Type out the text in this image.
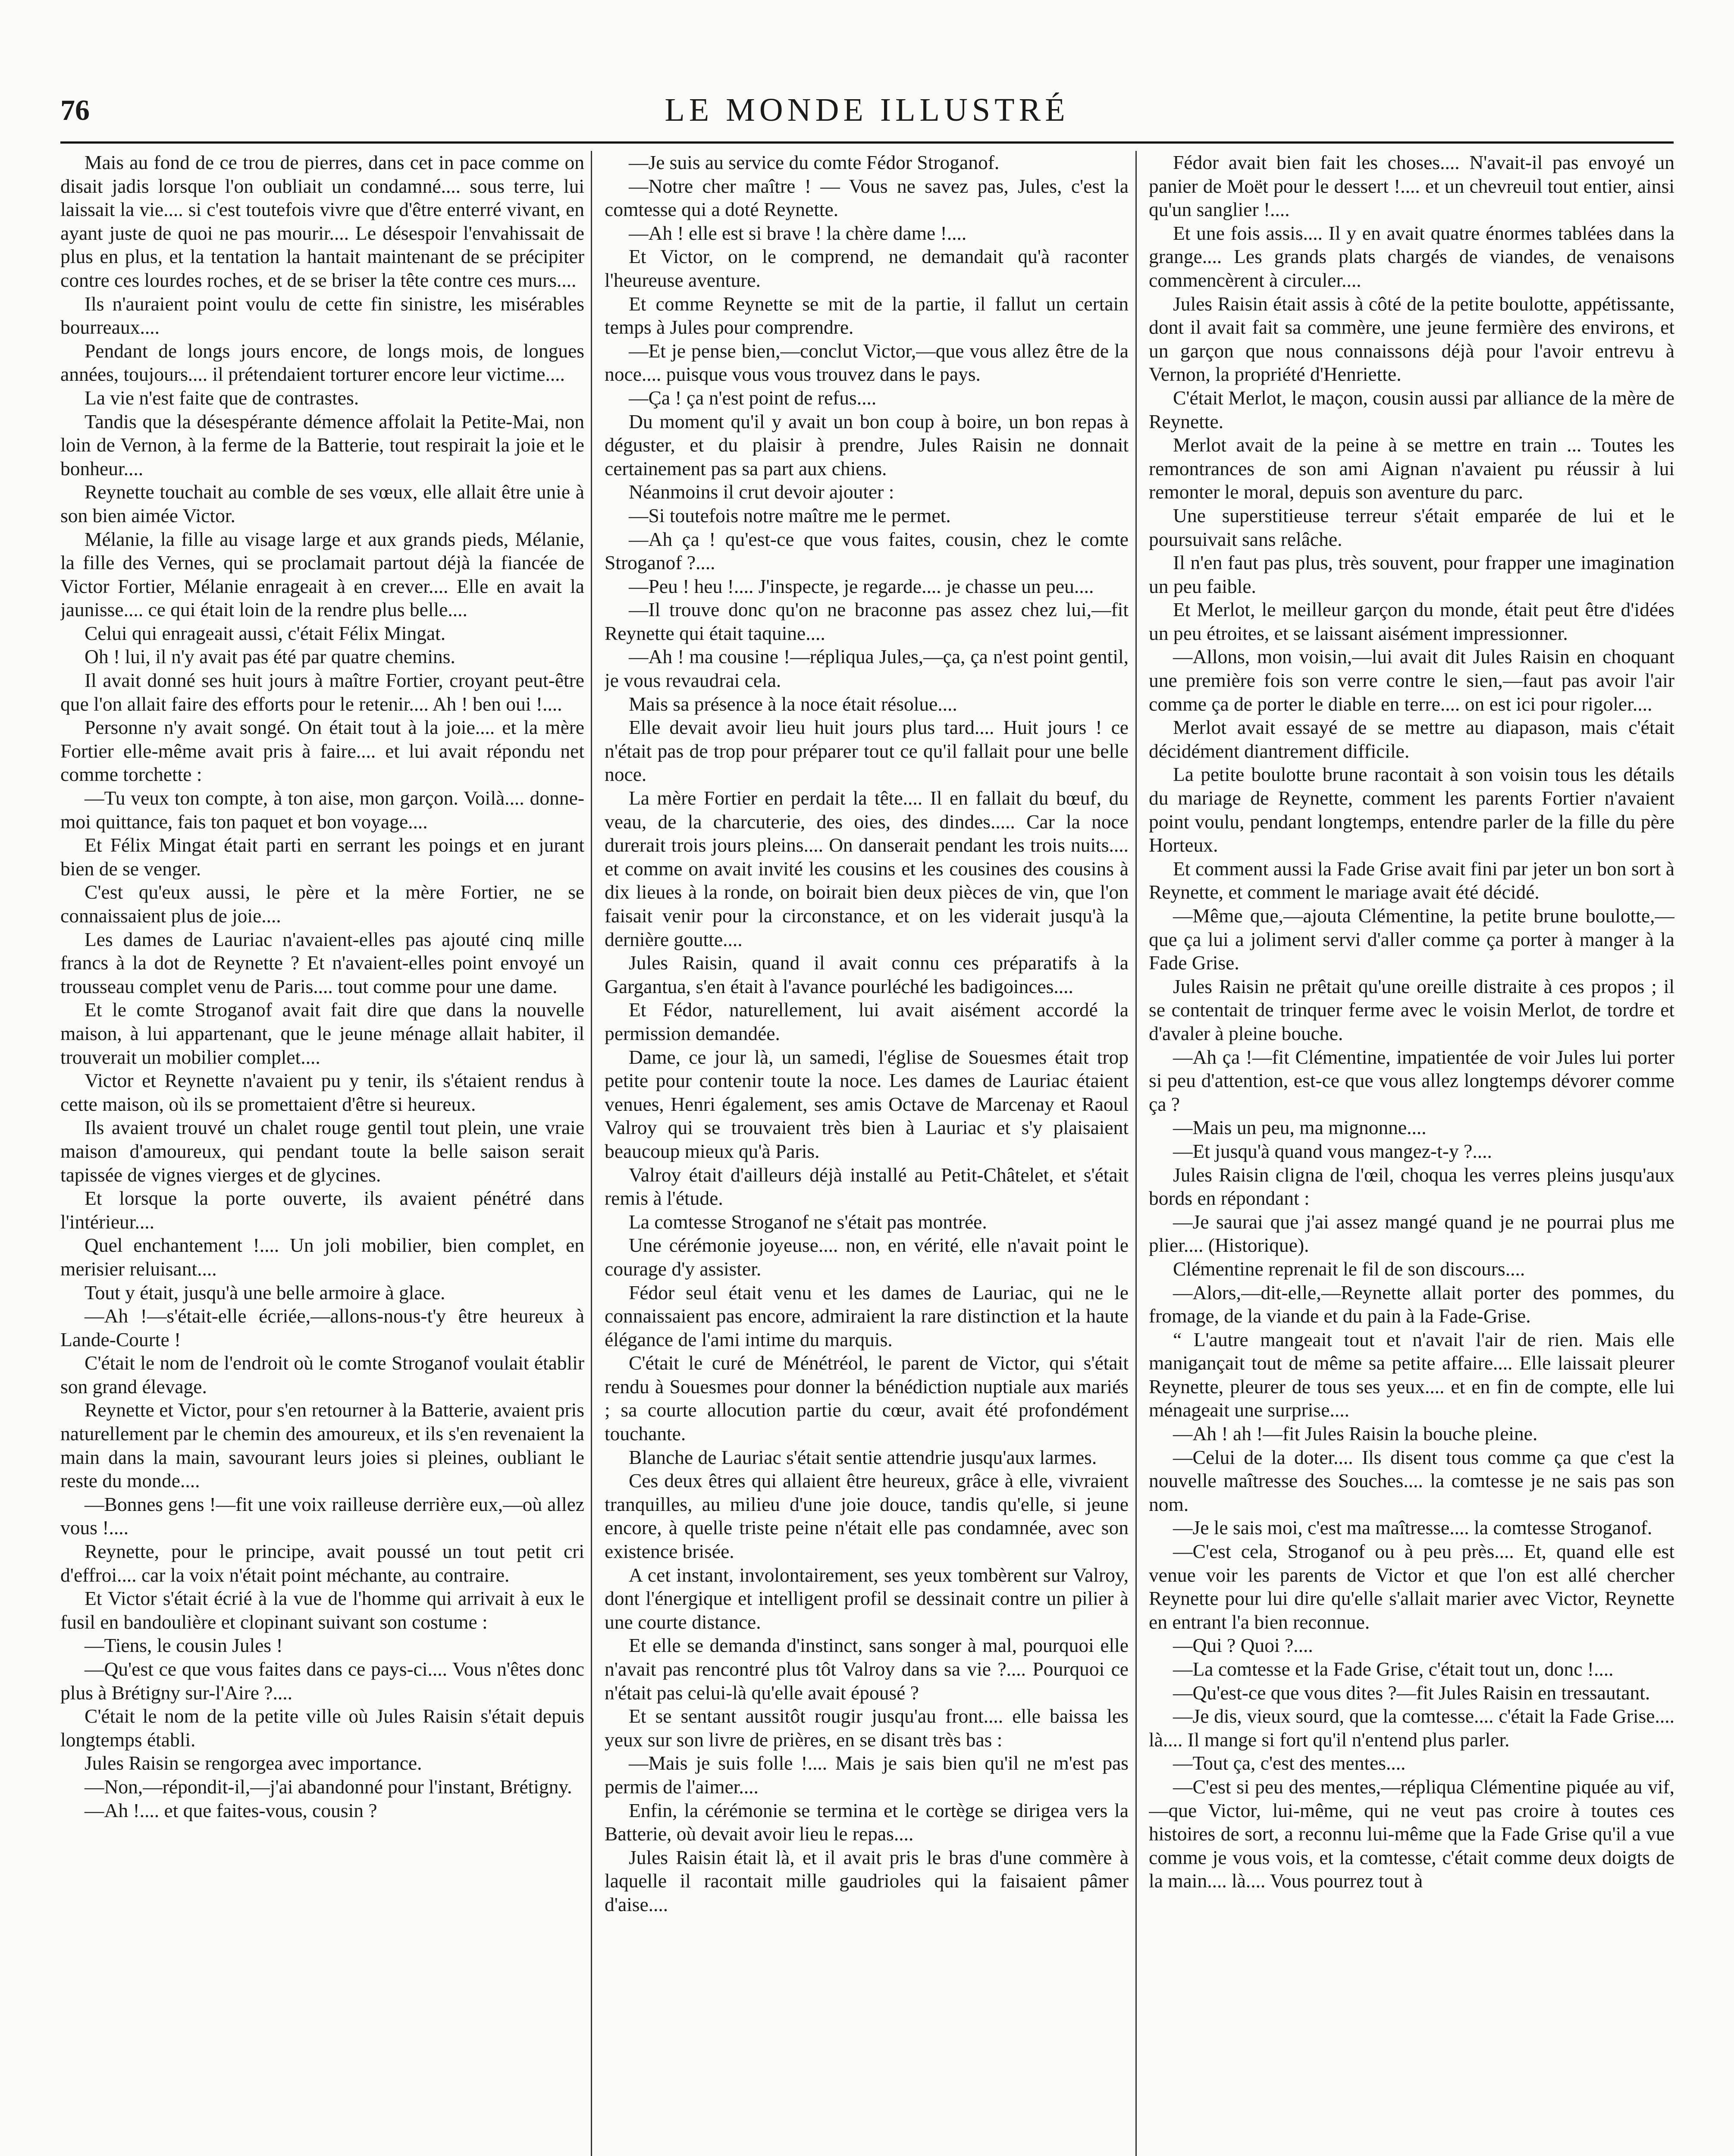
76	LE MONDE ILLUSTRÉ

Mais au fond de ce trou de pierres, dans cet in pace comme on disait jadis lorsque l'on oubliait un condamné.... sous terre, lui laissait la vie.... si c'est toutefois vivre que d'être enterré vivant, en ayant juste de quoi ne pas mourir.... Le désespoir l'envahissait de plus en plus, et la tentation la hantait maintenant de se précipiter contre ces lourdes roches, et de se briser la tête contre ces murs....

Ils n'auraient point voulu de cette fin sinistre, les misérables bourreaux....

Pendant de longs jours encore, de longs mois, de longues années, toujours.... il prétendaient torturer encore leur victime....

La vie n'est faite que de contrastes.

Tandis que la désespérante démence affolait la Petite-Mai, non loin de Vernon, à la ferme de la Batterie, tout respirait la joie et le bonheur....

Reynette touchait au comble de ses vœux, elle allait être unie à son bien aimée Victor.

Mélanie, la fille au visage large et aux grands pieds, Mélanie, la fille des Vernes, qui se proclamait partout déjà la fiancée de Victor Fortier, Mélanie enrageait à en crever.... Elle en avait la jaunisse.... ce qui était loin de la rendre plus belle....

Celui qui enrageait aussi, c'était Félix Mingat.

Oh ! lui, il n'y avait pas été par quatre chemins.

Il avait donné ses huit jours à maître Fortier, croyant peut-être que l'on allait faire des efforts pour le retenir.... Ah ! ben oui !....

Personne n'y avait songé. On était tout à la joie.... et la mère Fortier elle-même avait pris à faire.... et lui avait répondu net comme torchette :

—Tu veux ton compte, à ton aise, mon garçon. Voilà.... donne-moi quittance, fais ton paquet et bon voyage....

Et Félix Mingat était parti en serrant les poings et en jurant bien de se venger.

C'est qu'eux aussi, le père et la mère Fortier, ne se connaissaient plus de joie....

Les dames de Lauriac n'avaient-elles pas ajouté cinq mille francs à la dot de Reynette ? Et n'avaient-elles point envoyé un trousseau complet venu de Paris.... tout comme pour une dame.

Et le comte Stroganof avait fait dire que dans la nouvelle maison, à lui appartenant, que le jeune ménage allait habiter, il trouverait un mobilier complet....

Victor et Reynette n'avaient pu y tenir, ils s'étaient rendus à cette maison, où ils se promettaient d'être si heureux.

Ils avaient trouvé un chalet rouge gentil tout plein, une vraie maison d'amoureux, qui pendant toute la belle saison serait tapissée de vignes vierges et de glycines.

Et lorsque la porte ouverte, ils avaient pénétré dans l'intérieur....

Quel enchantement !.... Un joli mobilier, bien complet, en merisier reluisant....

Tout y était, jusqu'à une belle armoire à glace.

—Ah !—s'était-elle écriée,—allons-nous-t'y être heureux à Lande-Courte !

C'était le nom de l'endroit où le comte Stroganof voulait établir son grand élevage.

Reynette et Victor, pour s'en retourner à la Batterie, avaient pris naturellement par le chemin des amoureux, et ils s'en revenaient la main dans la main, savourant leurs joies si pleines, oubliant le reste du monde....

—Bonnes gens !—fit une voix railleuse derrière eux,—où allez vous !....

Reynette, pour le principe, avait poussé un tout petit cri d'effroi.... car la voix n'était point méchante, au contraire.

Et Victor s'était écrié à la vue de l'homme qui arrivait à eux le fusil en bandoulière et clopinant suivant son costume :

—Tiens, le cousin Jules !

—Qu'est ce que vous faites dans ce pays-ci.... Vous n'êtes donc plus à Brétigny sur-l'Aire ?....

C'était le nom de la petite ville où Jules Raisin s'était depuis longtemps établi.

Jules Raisin se rengorgea avec importance.

—Non,—répondit-il,—j'ai abandonné pour l'instant, Brétigny.

—Ah !.... et que faites-vous, cousin ?

—Je suis au service du comte Fédor Stroganof.

—Notre cher maître ! — Vous ne savez pas, Jules, c'est la comtesse qui a doté Reynette.

—Ah ! elle est si brave ! la chère dame !....

Et Victor, on le comprend, ne demandait qu'à raconter l'heureuse aventure.

Et comme Reynette se mit de la partie, il fallut un certain temps à Jules pour comprendre.

—Et je pense bien,—conclut Victor,—que vous allez être de la noce.... puisque vous vous trouvez dans le pays.

—Ça ! ça n'est point de refus....

Du moment qu'il y avait un bon coup à boire, un bon repas à déguster, et du plaisir à prendre, Jules Raisin ne donnait certainement pas sa part aux chiens.

Néanmoins il crut devoir ajouter :

—Si toutefois notre maître me le permet.

—Ah ça ! qu'est-ce que vous faites, cousin, chez le comte Stroganof ?....

—Peu ! heu !.... J'inspecte, je regarde.... je chasse un peu....

—Il trouve donc qu'on ne braconne pas assez chez lui,—fit Reynette qui était taquine....

—Ah ! ma cousine !—répliqua Jules,—ça, ça n'est point gentil, je vous revaudrai cela.

Mais sa présence à la noce était résolue....

Elle devait avoir lieu huit jours plus tard.... Huit jours ! ce n'était pas de trop pour préparer tout ce qu'il fallait pour une belle noce.

La mère Fortier en perdait la tête.... Il en fallait du bœuf, du veau, de la charcuterie, des oies, des dindes..... Car la noce durerait trois jours pleins.... On danserait pendant les trois nuits.... et comme on avait invité les cousins et les cousines des cousins à dix lieues à la ronde, on boirait bien deux pièces de vin, que l'on faisait venir pour la circonstance, et on les viderait jusqu'à la dernière goutte....

Jules Raisin, quand il avait connu ces préparatifs à la Gargantua, s'en était à l'avance pourléché les badigoinces....

Et Fédor, naturellement, lui avait aisément accordé la permission demandée.

Dame, ce jour là, un samedi, l'église de Souesmes était trop petite pour contenir toute la noce. Les dames de Lauriac étaient venues, Henri également, ses amis Octave de Marcenay et Raoul Valroy qui se trouvaient très bien à Lauriac et s'y plaisaient beaucoup mieux qu'à Paris.

Valroy était d'ailleurs déjà installé au Petit-Châtelet, et s'était remis à l'étude.

La comtesse Stroganof ne s'était pas montrée.

Une cérémonie joyeuse.... non, en vérité, elle n'avait point le courage d'y assister.

Fédor seul était venu et les dames de Lauriac, qui ne le connaissaient pas encore, admiraient la rare distinction et la haute élégance de l'ami intime du marquis.

C'était le curé de Ménétréol, le parent de Victor, qui s'était rendu à Souesmes pour donner la bénédiction nuptiale aux mariés ; sa courte allocution partie du cœur, avait été profondément touchante.

Blanche de Lauriac s'était sentie attendrie jusqu'aux larmes.

Ces deux êtres qui allaient être heureux, grâce à elle, vivraient tranquilles, au milieu d'une joie douce, tandis qu'elle, si jeune encore, à quelle triste peine n'était elle pas condamnée, avec son existence brisée.

A cet instant, involontairement, ses yeux tombèrent sur Valroy, dont l'énergique et intelligent profil se dessinait contre un pilier à une courte distance.

Et elle se demanda d'instinct, sans songer à mal, pourquoi elle n'avait pas rencontré plus tôt Valroy dans sa vie ?.... Pourquoi ce n'était pas celui-là qu'elle avait épousé ?

Et se sentant aussitôt rougir jusqu'au front.... elle baissa les yeux sur son livre de prières, en se disant très bas :

—Mais je suis folle !.... Mais je sais bien qu'il ne m'est pas permis de l'aimer....

Enfin, la cérémonie se termina et le cortège se dirigea vers la Batterie, où devait avoir lieu le repas....

Jules Raisin était là, et il avait pris le bras d'une commère à laquelle il racontait mille gaudrioles qui la faisaient pâmer d'aise....

Fédor avait bien fait les choses.... N'avait-il pas envoyé un panier de Moët pour le dessert !.... et un chevreuil tout entier, ainsi qu'un sanglier !....

Et une fois assis.... Il y en avait quatre énormes tablées dans la grange.... Les grands plats chargés de viandes, de venaisons commencèrent à circuler....

Jules Raisin était assis à côté de la petite boulotte, appétissante, dont il avait fait sa commère, une jeune fermière des environs, et un garçon que nous connaissons déjà pour l'avoir entrevu à Vernon, la propriété d'Henriette.

C'était Merlot, le maçon, cousin aussi par alliance de la mère de Reynette.

Merlot avait de la peine à se mettre en train ... Toutes les remontrances de son ami Aignan n'avaient pu réussir à lui remonter le moral, depuis son aventure du parc.

Une superstitieuse terreur s'était emparée de lui et le poursuivait sans relâche.

Il n'en faut pas plus, très souvent, pour frapper une imagination un peu faible.

Et Merlot, le meilleur garçon du monde, était peut être d'idées un peu étroites, et se laissant aisément impressionner.

—Allons, mon voisin,—lui avait dit Jules Raisin en choquant une première fois son verre contre le sien,—faut pas avoir l'air comme ça de porter le diable en terre.... on est ici pour rigoler....

Merlot avait essayé de se mettre au diapason, mais c'était décidément diantrement difficile.

La petite boulotte brune racontait à son voisin tous les détails du mariage de Reynette, comment les parents Fortier n'avaient point voulu, pendant longtemps, entendre parler de la fille du père Horteux.

Et comment aussi la Fade Grise avait fini par jeter un bon sort à Reynette, et comment le mariage avait été décidé.

—Même que,—ajouta Clémentine, la petite brune boulotte,—que ça lui a joliment servi d'aller comme ça porter à manger à la Fade Grise.

Jules Raisin ne prêtait qu'une oreille distraite à ces propos ; il se contentait de trinquer ferme avec le voisin Merlot, de tordre et d'avaler à pleine bouche.

—Ah ça !—fit Clémentine, impatientée de voir Jules lui porter si peu d'attention, est-ce que vous allez longtemps dévorer comme ça ?

—Mais un peu, ma mignonne....

—Et jusqu'à quand vous mangez-t-y ?....

Jules Raisin cligna de l'œil, choqua les verres pleins jusqu'aux bords en répondant :

—Je saurai que j'ai assez mangé quand je ne pourrai plus me plier.... (Historique).

Clémentine reprenait le fil de son discours....

—Alors,—dit-elle,—Reynette allait porter des pommes, du fromage, de la viande et du pain à la Fade-Grise.

“ L'autre mangeait tout et n'avait l'air de rien. Mais elle manigançait tout de même sa petite affaire.... Elle laissait pleurer Reynette, pleurer de tous ses yeux.... et en fin de compte, elle lui ménageait une surprise....

—Ah ! ah !—fit Jules Raisin la bouche pleine.

—Celui de la doter.... Ils disent tous comme ça que c'est la nouvelle maîtresse des Souches.... la comtesse je ne sais pas son nom.

—Je le sais moi, c'est ma maîtresse.... la comtesse Stroganof.

—C'est cela, Stroganof ou à peu près.... Et, quand elle est venue voir les parents de Victor et que l'on est allé chercher Reynette pour lui dire qu'elle s'allait marier avec Victor, Reynette en entrant l'a bien reconnue.

—Qui ? Quoi ?....

—La comtesse et la Fade Grise, c'était tout un, donc !....

—Qu'est-ce que vous dites ?—fit Jules Raisin en tressautant.

—Je dis, vieux sourd, que la comtesse.... c'était la Fade Grise.... là.... Il mange si fort qu'il n'entend plus parler.

—Tout ça, c'est des mentes....

—C'est si peu des mentes,—répliqua Clémentine piquée au vif,—que Victor, lui-même, qui ne veut pas croire à toutes ces histoires de sort, a reconnu lui-même que la Fade Grise qu'il a vue comme je vous vois, et la comtesse, c'était comme deux doigts de la main.... là.... Vous pourrez tout à
